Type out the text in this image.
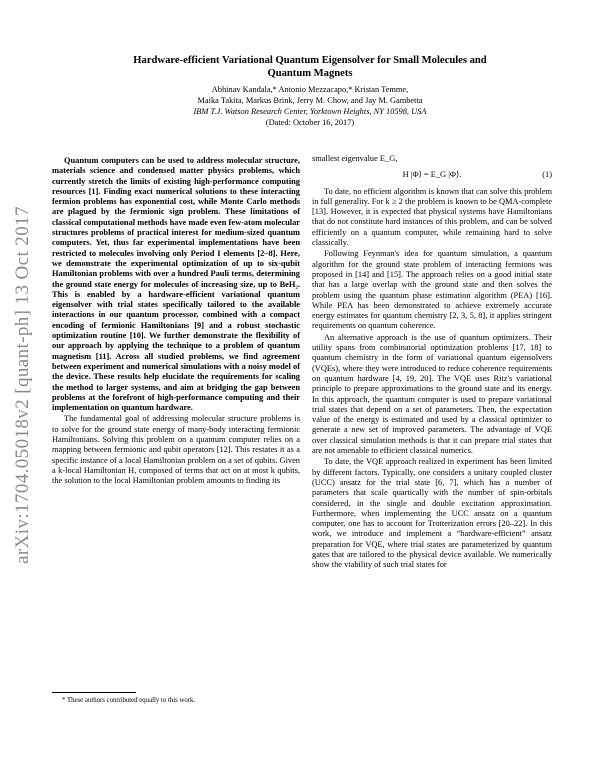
arXiv:1704.05018v2 [quant-ph] 13 Oct 2017
Hardware-efficient Variational Quantum Eigensolver for Small Molecules and
Quantum Magnets
Abhinav Kandala,* Antonio Mezzacapo,* Kristan Temme,
Maika Takita, Markus Brink, Jerry M. Chow, and Jay M. Gambetta
IBM T.J. Watson Research Center, Yorktown Heights, NY 10598, USA
(Dated: October 16, 2017)

Quantum computers can be used to address molecular structure, materials science and condensed matter physics problems, which currently stretch the limits of existing high-performance computing resources [1]. Finding exact numerical solutions to these interacting fermion problems has exponential cost, while Monte Carlo methods are plagued by the fermionic sign problem. These limitations of classical computational methods have made even few-atom molecular structures problems of practical interest for medium-sized quantum computers. Yet, thus far experimental implementations have been restricted to molecules involving only Period I elements [2–8]. Here, we demonstrate the experimental optimization of up to six-qubit Hamiltonian problems with over a hundred Pauli terms, determining the ground state energy for molecules of increasing size, up to BeH₂. This is enabled by a hardware-efficient variational quantum eigensolver with trial states specifically tailored to the available interactions in our quantum processor, combined with a compact encoding of fermionic Hamiltonians [9] and a robust stochastic optimization routine [10]. We further demonstrate the flexibility of our approach by applying the technique to a problem of quantum magnetism [11]. Across all studied problems, we find agreement between experiment and numerical simulations with a noisy model of the device. These results help elucidate the requirements for scaling the method to larger systems, and aim at bridging the gap between problems at the forefront of high-performance computing and their implementation on quantum hardware.

The fundamental goal of addressing molecular structure problems is to solve for the ground state energy of many-body interacting fermionic Hamiltonians. Solving this problem on a quantum computer relies on a mapping between fermionic and qubit operators [12]. This restates it as a specific instance of a local Hamiltonian problem on a set of qubits. Given a k-local Hamiltonian H, composed of terms that act on at most k qubits, the solution to the local Hamiltonian problem amounts to finding its

smallest eigenvalue E_G,

H |Φ⟩ = E_G |Φ⟩.	(1)

To date, no efficient algorithm is known that can solve this problem in full generality. For k ≥ 2 the problem is known to be QMA-complete [13]. However, it is expected that physical systems have Hamiltonians that do not constitute hard instances of this problem, and can be solved efficiently on a quantum computer, while remaining hard to solve classically.

Following Feynman's idea for quantum simulation, a quantum algorithm for the ground state problem of interacting fermions was proposed in [14] and [15]. The approach relies on a good initial state that has a large overlap with the ground state and then solves the problem using the quantum phase estimation algorithm (PEA) [16]. While PEA has been demonstrated to achieve extremely accurate energy estimates for quantum chemistry [2, 3, 5, 8], it applies stringent requirements on quantum coherence.

An alternative approach is the use of quantum optimizers. Their utility spans from combinatorial optimization problems [17, 18] to quantum chemistry in the form of variational quantum eigensolvers (VQEs), where they were introduced to reduce coherence requirements on quantum hardware [4, 19, 20]. The VQE uses Ritz's variational principle to prepare approximations to the ground state and its energy. In this approach, the quantum computer is used to prepare variational trial states that depend on a set of parameters. Then, the expectation value of the energy is estimated and used by a classical optimizer to generate a new set of improved parameters. The advantage of VQE over classical simulation methods is that it can prepare trial states that are not amenable to efficient classical numerics.

To date, the VQE approach realized in experiment has been limited by different factors. Typically, one considers a unitary coupled cluster (UCC) ansatz for the trial state [6, 7], which has a number of parameters that scale quartically with the number of spin-orbitals considered, in the single and double excitation approximation. Furthermore, when implementing the UCC ansatz on a quantum computer, one has to account for Trotterization errors [20–22]. In this work, we introduce and implement a “hardware-efficient” ansatz preparation for VQE, where trial states are parameterized by quantum gates that are tailored to the physical device available. We numerically show the viability of such trial states for

* These authors contributed equally to this work.
